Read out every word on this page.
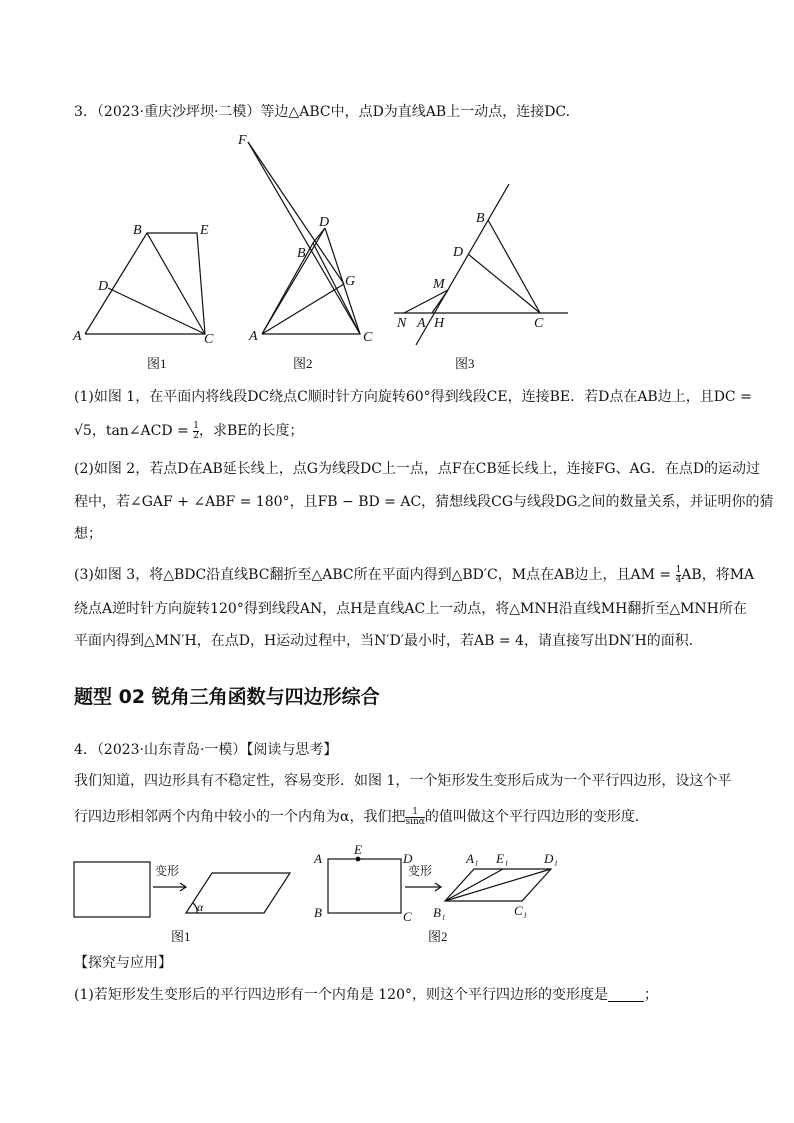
3．（2023·重庆沙坪坝·二模）等边△ABC中，点D为直线AB上一动点，连接DC.
A
B
C
D
E
F
A
B
C
D
G
B
D
M
N A H	C
图1	图2	图3
(1)如图 1，在平面内将线段DC绕点C顺时针方向旋转60°得到线段CE，连接BE．若D点在AB边上，且DC =
√5，tan∠ACD = $\frac{1}{2}$ ，求BE的长度；
(2)如图 2，若点D在AB延长线上，点G为线段DC上一点，点F在CB延长线上，连接FG、AG．在点D的运动过
程中，若∠GAF + ∠ABF = 180°，且FB − BD = AC，猜想线段CG与线段DG之间的数量关系，并证明你的猜
想；
(3)如图 3，将△BDC沿直线BC翻折至△ABC所在平面内得到△BD′C，M点在AB边上，且AM = $\frac{1}{4}$ AB，将MA
绕点A逆时针方向旋转120°得到线段AN，点H是直线AC上一动点，将△MNH沿直线MH翻折至△MNH所在
平面内得到△MN′H，在点D，H运动过程中，当N′D′最小时，若AB = 4，请直接写出DN′H的面积．
题型 02 锐角三角函数与四边形综合
4．（2023·山东青岛·一模）【阅读与思考】
我们知道，四边形具有不稳定性，容易变形．如图 1，一个矩形发生变形后成为一个平行四边形，设这个平
行四边形相邻两个内角中较小的一个内角为α，我们把 $\frac{1}{\sin\alpha}$ 的值叫做这个平行四边形的变形度．
α
A
B	C
D
E
A₁ E₁	D₁
B₁	C₁
变形	变形
图1	图2
【探究与应用】
(1)若矩形发生变形后的平行四边形有一个内角是 120°，则这个平行四边形的变形度是	；
